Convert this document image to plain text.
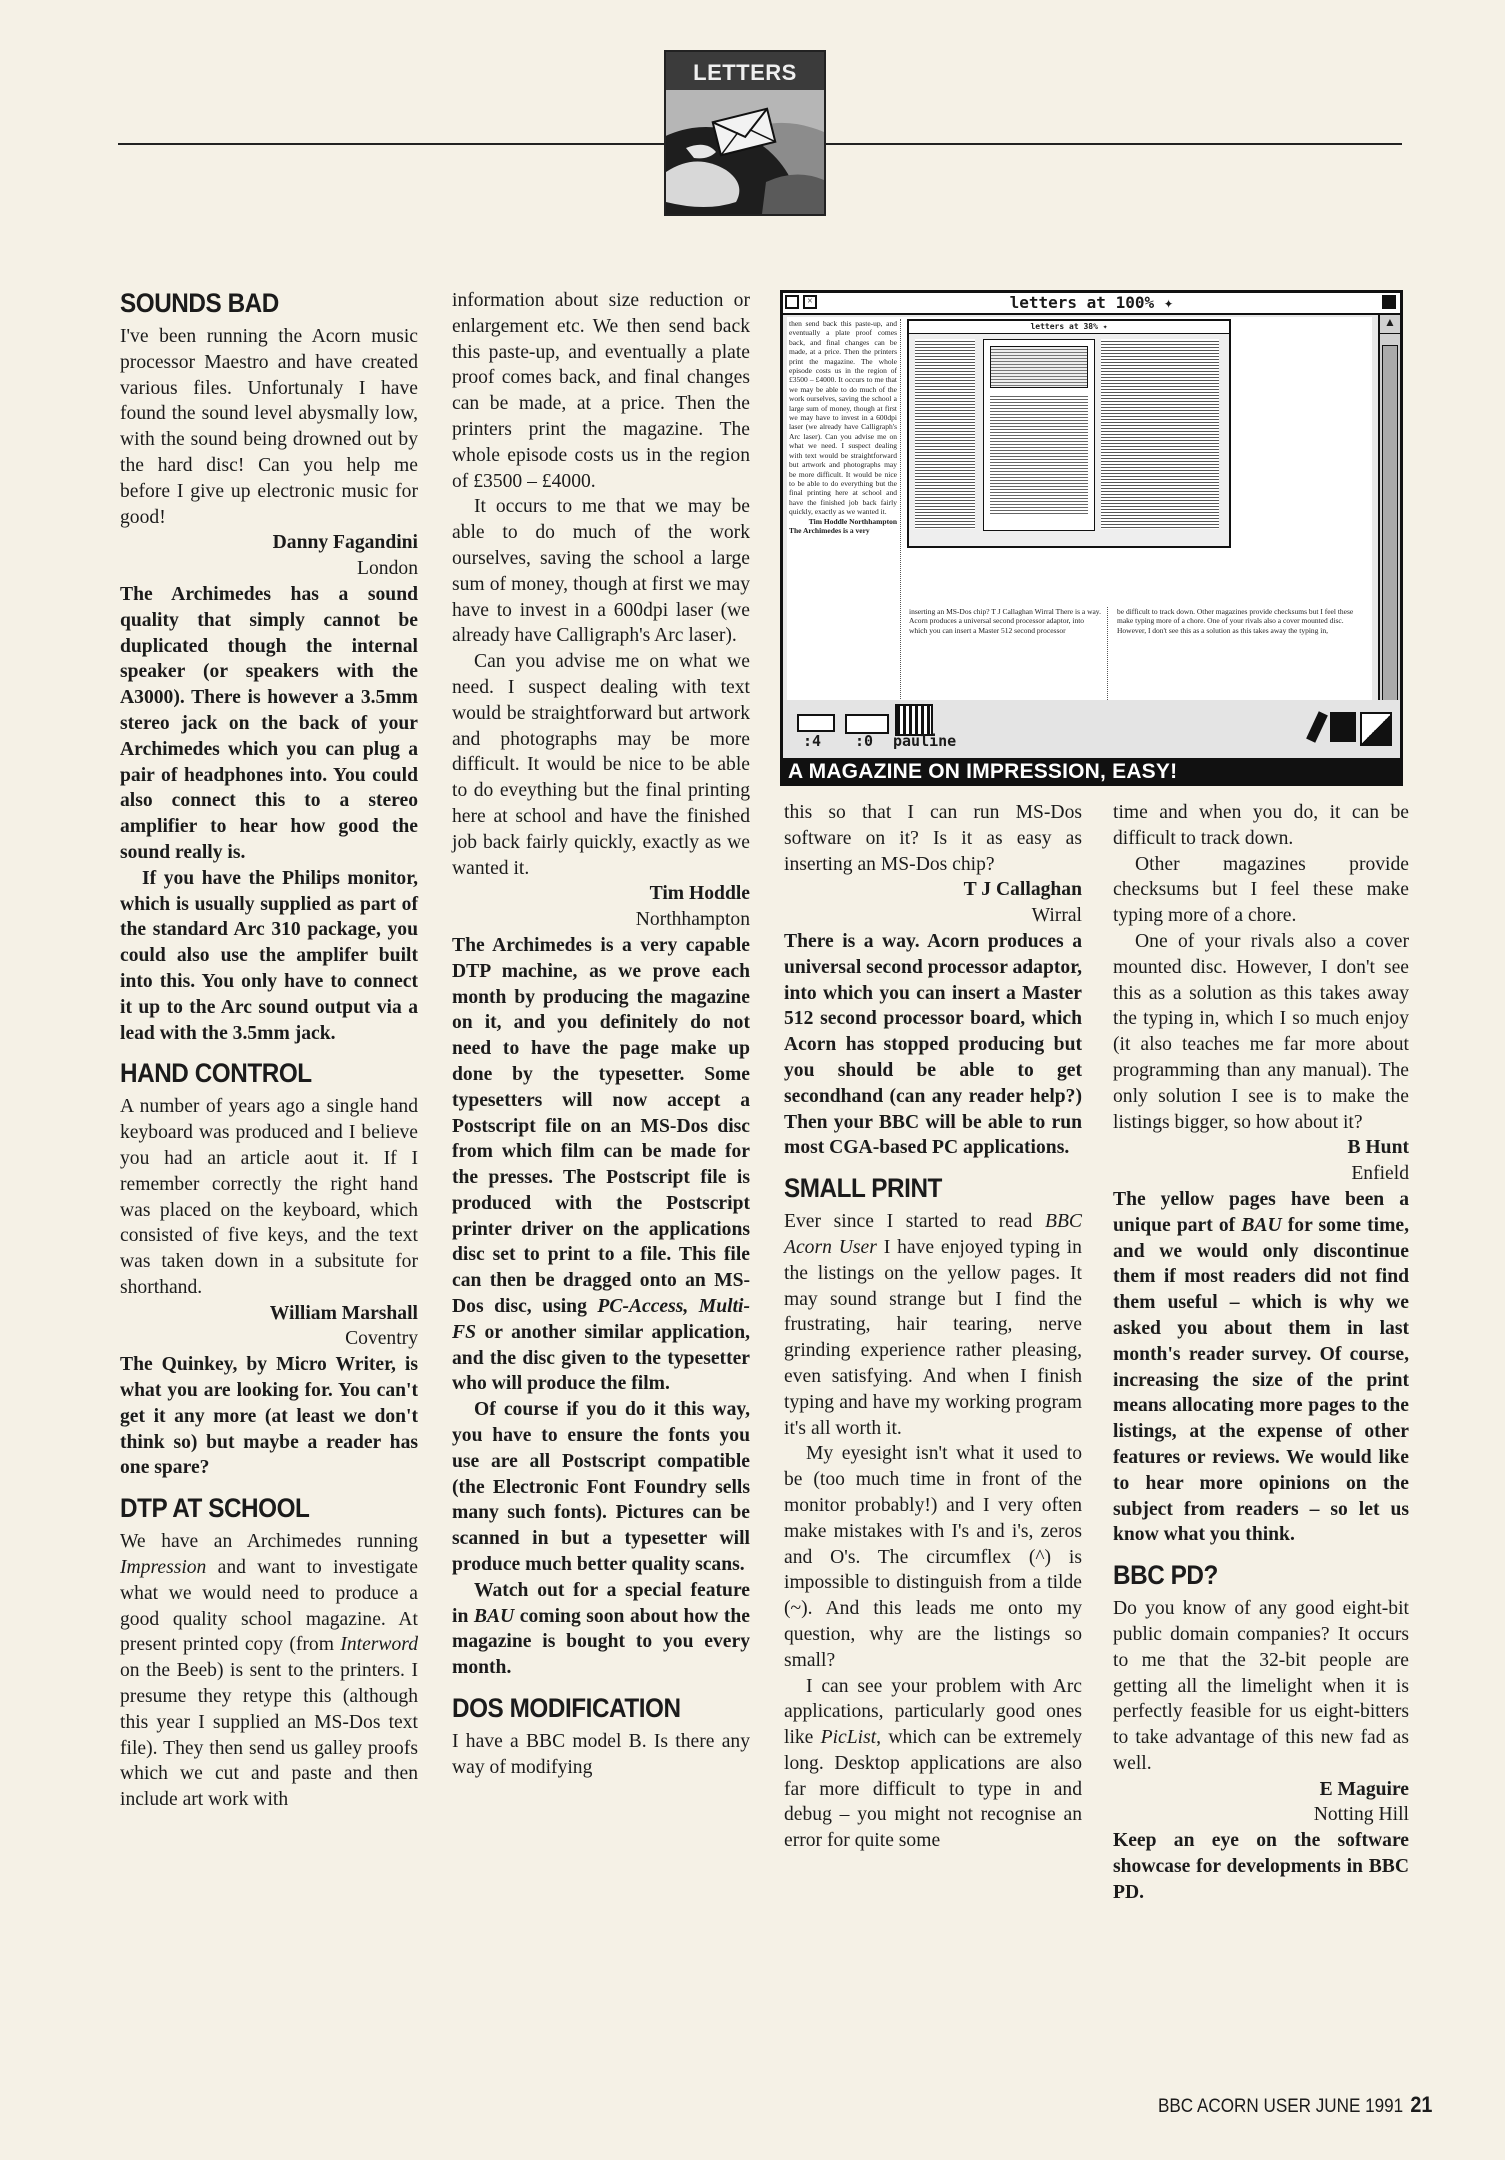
LETTERS
SOUNDS BAD

I've been running the Acorn music processor Maestro and have created various files. Unfortunaly I have found the sound level abysmally low, with the sound being drowned out by the hard disc! Can you help me before I give up electronic music for good!

Danny Fagandini
London

The Archimedes has a sound quality that simply cannot be duplicated though the internal speaker (or speakers with the A3000). There is however a 3.5mm stereo jack on the back of your Archimedes which you can plug a pair of headphones into. You could also connect this to a stereo amplifier to hear how good the sound really is.

If you have the Philips monitor, which is usually supplied as part of the standard Arc 310 package, you could also use the amplifer built into this. You only have to connect it up to the Arc sound output via a lead with the 3.5mm jack.

HAND CONTROL

A number of years ago a single hand keyboard was produced and I believe you had an article aout it. If I remember correctly the right hand was placed on the keyboard, which consisted of five keys, and the text was taken down in a subsitute for shorthand.

William Marshall
Coventry

The Quinkey, by Micro Writer, is what you are looking for. You can't get it any more (at least we don't think so) but maybe a reader has one spare?

DTP AT SCHOOL

We have an Archimedes running Impression and want to investigate what we would need to produce a good quality school magazine. At present printed copy (from Interword on the Beeb) is sent to the printers. I presume they retype this (although this year I supplied an MS-Dos text file). They then send us galley proofs which we cut and paste and then include art work with

information about size reduction or enlargement etc. We then send back this paste-up, and eventually a plate proof comes back, and final changes can be made, at a price. Then the printers print the magazine. The whole episode costs us in the region of £3500 – £4000.

It occurs to me that we may be able to do much of the work ourselves, saving the school a large sum of money, though at first we may have to invest in a 600dpi laser (we already have Calligraph's Arc laser).

Can you advise me on what we need. I suspect dealing with text would be straightforward but artwork and photographs may be more difficult. It would be nice to be able to do eveything but the final printing here at school and have the finished job back fairly quickly, exactly as we wanted it.

Tim Hoddle
Northhampton

The Archimedes is a very capable DTP machine, as we prove each month by producing the magazine on it, and you definitely do not need to have the page make up done by the typesetter. Some typesetters will now accept a Postscript file on an MS-Dos disc from which film can be made for the presses. The Postscript file is produced with the Postscript printer driver on the applications disc set to print to a file. This file can then be dragged onto an MS-Dos disc, using PC-Access, Multi-FS or another similar application, and the disc given to the typesetter who will produce the film.

Of course if you do it this way, you have to ensure the fonts you use are all Postscript compatible (the Electronic Font Foundry sells many such fonts). Pictures can be scanned in but a typesetter will produce much better quality scans.

Watch out for a special feature in BAU coming soon about how the magazine is bought to you every month.

DOS MODIFICATION

I have a BBC model B. Is there any way of modifying

×	letters at 100% ✦
▲
then send back this paste-up, and eventually a plate proof comes back, and final changes can be made, at a price. Then the printers print the magazine. The whole episode costs us in the region of £3500 – £4000. It occurs to me that we may be able to do much of the work ourselves, saving the school a large sum of money, though at first we may have to invest in a 600dpi laser (we already have Calligraph's Arc laser). Can you advise me on what we need. I suspect dealing with text would be straightforward but artwork and photographs may be more difficult. It would be nice to be able to do everything but the final printing here at school and have the finished job back fairly quickly, exactly as we wanted it.
Tim Hoddle Northhampton
The Archimedes is a very
letters at 38% ✦
inserting an MS-Dos chip? T J Callaghan Wirral There is a way. Acorn produces a universal second processor adaptor, into which you can insert a Master 512 second processor
be difficult to track down. Other magazines provide checksums but I feel these make typing more of a chore. One of your rivals also a cover mounted disc. However, I don't see this as a solution as this takes away the typing in,
:4 :0 pauline
A MAGAZINE ON IMPRESSION, EASY!

this so that I can run MS-Dos software on it? Is it as easy as inserting an MS-Dos chip?

T J Callaghan
Wirral

There is a way. Acorn produces a universal second processor adaptor, into which you can insert a Master 512 second processor board, which Acorn has stopped producing but you should be able to get secondhand (can any reader help?) Then your BBC will be able to run most CGA-based PC applications.

SMALL PRINT

Ever since I started to read BBC Acorn User I have enjoyed typing in the listings on the yellow pages. It may sound strange but I find the frustrating, hair tearing, nerve grinding experience rather pleasing, even satisfying. And when I finish typing and have my working program it's all worth it.

My eyesight isn't what it used to be (too much time in front of the monitor probably!) and I very often make mistakes with I's and i's, zeros and O's. The circumflex (^) is impossible to distinguish from a tilde (~). And this leads me onto my question, why are the listings so small?

I can see your problem with Arc applications, particularly good ones like PicList, which can be extremely long. Desktop applications are also far more difficult to type in and debug – you might not recognise an error for quite some

time and when you do, it can be difficult to track down.

Other magazines provide checksums but I feel these make typing more of a chore.

One of your rivals also a cover mounted disc. However, I don't see this as a solution as this takes away the typing in, which I so much enjoy (it also teaches me far more about programming than any manual). The only solution I see is to make the listings bigger, so how about it?

B Hunt
Enfield

The yellow pages have been a unique part of BAU for some time, and we would only discontinue them if most readers did not find them useful – which is why we asked you about them in last month's reader survey. Of course, increasing the size of the print means allocating more pages to the listings, at the expense of other features or reviews. We would like to hear more opinions on the subject from readers – so let us know what you think.

BBC PD?

Do you know of any good eight-bit public domain companies? It occurs to me that the 32-bit people are getting all the limelight when it is perfectly feasible for us eight-bitters to take advantage of this new fad as well.

E Maguire
Notting Hill

Keep an eye on the software showcase for developments in BBC PD.

BBC ACORN USER JUNE 1991 21
